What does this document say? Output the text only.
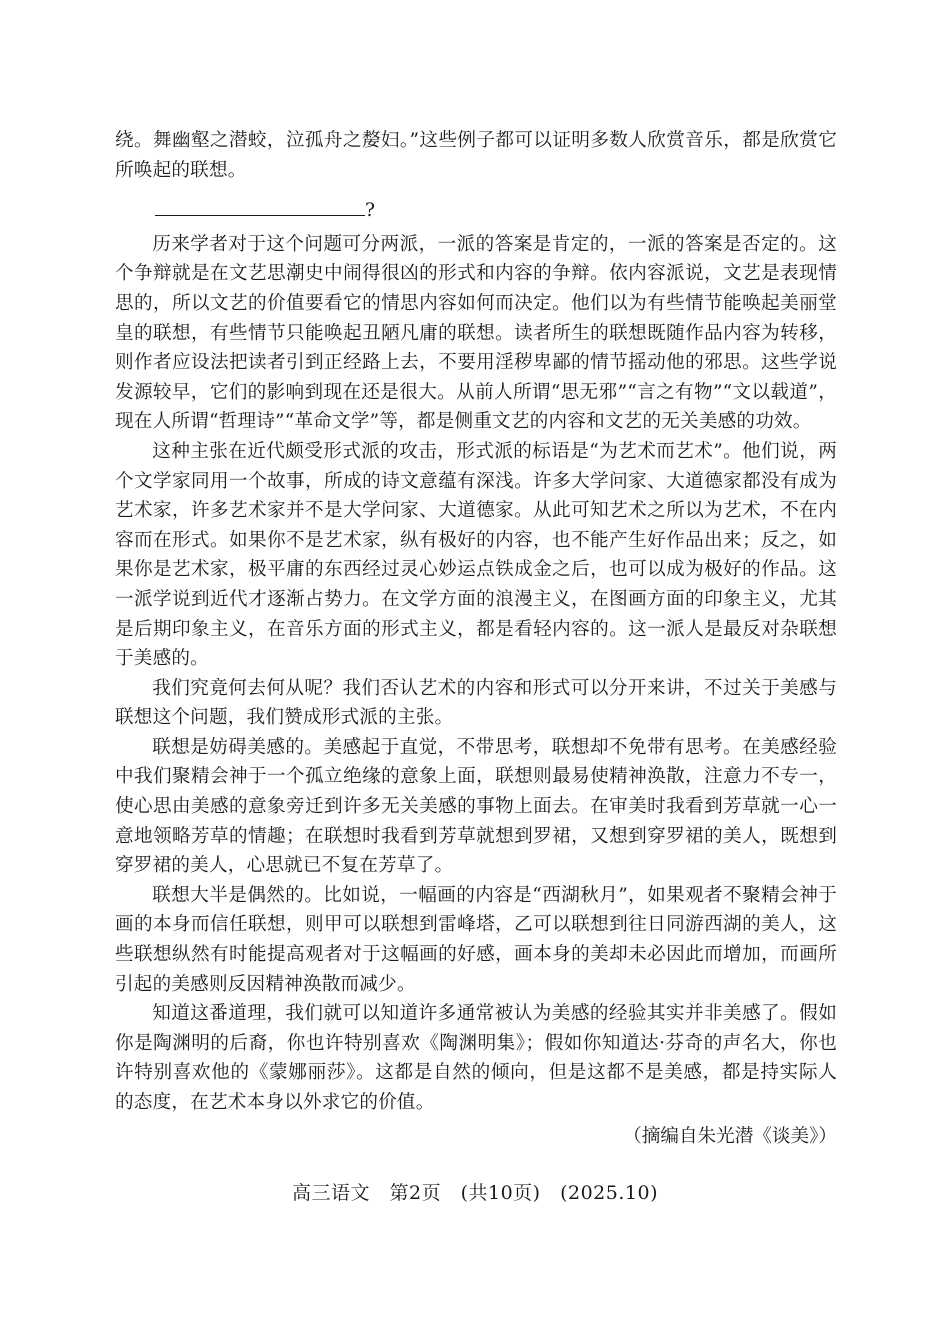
绕。舞幽壑之潜蛟，泣孤舟之嫠妇。”这些例子都可以证明多数人欣赏音乐，都是欣赏它所唤起的联想。

?

历来学者对于这个问题可分两派，一派的答案是肯定的，一派的答案是否定的。这个争辩就是在文艺思潮史中闹得很凶的形式和内容的争辩。依内容派说，文艺是表现情思的，所以文艺的价值要看它的情思内容如何而决定。他们以为有些情节能唤起美丽堂皇的联想，有些情节只能唤起丑陋凡庸的联想。读者所生的联想既随作品内容为转移，则作者应设法把读者引到正经路上去，不要用淫秽卑鄙的情节摇动他的邪思。这些学说发源较早，它们的影响到现在还是很大。从前人所谓“思无邪”“言之有物”“文以载道”，现在人所谓“哲理诗”“革命文学”等，都是侧重文艺的内容和文艺的无关美感的功效。

这种主张在近代颇受形式派的攻击，形式派的标语是“为艺术而艺术”。他们说，两个文学家同用一个故事，所成的诗文意蕴有深浅。许多大学问家、大道德家都没有成为艺术家，许多艺术家并不是大学问家、大道德家。从此可知艺术之所以为艺术，不在内容而在形式。如果你不是艺术家，纵有极好的内容，也不能产生好作品出来；反之，如果你是艺术家，极平庸的东西经过灵心妙运点铁成金之后，也可以成为极好的作品。这一派学说到近代才逐渐占势力。在文学方面的浪漫主义，在图画方面的印象主义，尤其是后期印象主义，在音乐方面的形式主义，都是看轻内容的。这一派人是最反对杂联想于美感的。

我们究竟何去何从呢？我们否认艺术的内容和形式可以分开来讲，不过关于美感与联想这个问题，我们赞成形式派的主张。

联想是妨碍美感的。美感起于直觉，不带思考，联想却不免带有思考。在美感经验中我们聚精会神于一个孤立绝缘的意象上面，联想则最易使精神涣散，注意力不专一，使心思由美感的意象旁迁到许多无关美感的事物上面去。在审美时我看到芳草就一心一意地领略芳草的情趣；在联想时我看到芳草就想到罗裙，又想到穿罗裙的美人，既想到穿罗裙的美人，心思就已不复在芳草了。

联想大半是偶然的。比如说，一幅画的内容是“西湖秋月”，如果观者不聚精会神于画的本身而信任联想，则甲可以联想到雷峰塔，乙可以联想到往日同游西湖的美人，这些联想纵然有时能提高观者对于这幅画的好感，画本身的美却未必因此而增加，而画所引起的美感则反因精神涣散而减少。

知道这番道理，我们就可以知道许多通常被认为美感的经验其实并非美感了。假如你是陶渊明的后裔，你也许特别喜欢《陶渊明集》；假如你知道达·芬奇的声名大，你也许特别喜欢他的《蒙娜丽莎》。这都是自然的倾向，但是这都不是美感，都是持实际人的态度，在艺术本身以外求它的价值。

（摘编自朱光潜《谈美》）

高三语文　第2页　(共10页)　(2025.10)
